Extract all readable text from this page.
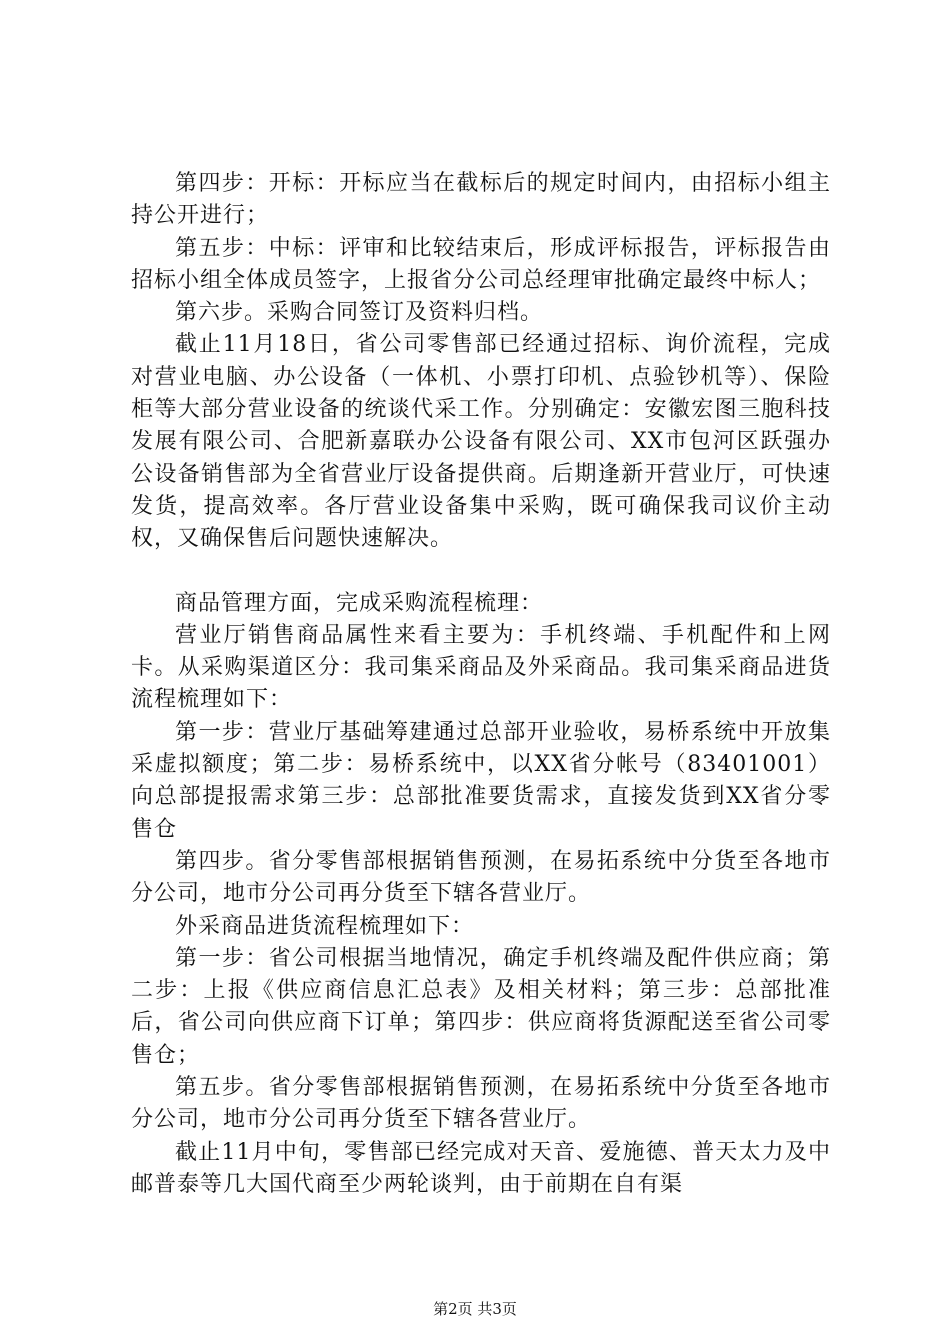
第四步：开标：开标应当在截标后的规定时间内，由招标小组主持公开进行；

第五步：中标：评审和比较结束后，形成评标报告，评标报告由招标小组全体成员签字，上报省分公司总经理审批确定最终中标人；

第六步。采购合同签订及资料归档。

截止11月18日，省公司零售部已经通过招标、询价流程，完成对营业电脑、办公设备（一体机、小票打印机、点验钞机等）、保险柜等大部分营业设备的统谈代采工作。分别确定：安徽宏图三胞科技发展有限公司、合肥新嘉联办公设备有限公司、XX市包河区跃强办公设备销售部为全省营业厅设备提供商。后期逢新开营业厅，可快速发货，提高效率。各厅营业设备集中采购，既可确保我司议价主动权，又确保售后问题快速解决。

商品管理方面，完成采购流程梳理：

营业厅销售商品属性来看主要为：手机终端、手机配件和上网卡。从采购渠道区分：我司集采商品及外采商品。我司集采商品进货流程梳理如下：

第一步：营业厅基础筹建通过总部开业验收，易桥系统中开放集采虚拟额度；第二步：易桥系统中，以XX省分帐号（83401001）向总部提报需求第三步：总部批准要货需求，直接发货到XX省分零售仓

第四步。省分零售部根据销售预测，在易拓系统中分货至各地市分公司，地市分公司再分货至下辖各营业厅。

外采商品进货流程梳理如下：

第一步：省公司根据当地情况，确定手机终端及配件供应商；第二步：上报《供应商信息汇总表》及相关材料；第三步：总部批准后，省公司向供应商下订单；第四步：供应商将货源配送至省公司零售仓；

第五步。省分零售部根据销售预测，在易拓系统中分货至各地市分公司，地市分公司再分货至下辖各营业厅。

截止11月中旬，零售部已经完成对天音、爱施德、普天太力及中邮普泰等几大国代商至少两轮谈判，由于前期在自有渠

第2页 共3页
